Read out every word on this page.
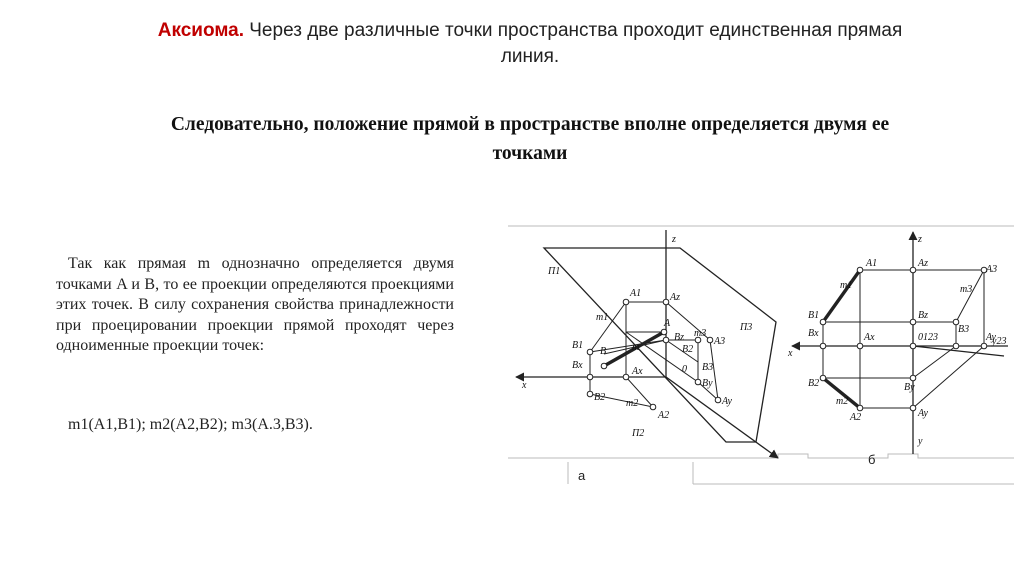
Аксиома. Через две различные точки пространства проходит единственная прямая
линия.
Следовательно, положение прямой в пространстве вполне определяется двумя ее
точками
Так как прямая m однозначно определяется двумя точками A и B, то ее проекции определяются проекциями этих точек. В силу сохранения свойства принадлежности при проецировании проекции прямой проходят через одноименные проекции точек:
m1(A1,B1); m2(A2,B2); m3(A.3,B3).
z
x
П1
П2
П3
A1	Az
m1
A
m
B
B1
Bx
Ax
B2
m2
A2
Bz
B2
m3
A3
B3
0
By
Ay
z
x
y
y23
A1	Az
A3
m1	m3
B1
Bx	Ax
Bz
B3
0123	Ay
By
B2
m2
A2	Ay
а
б
